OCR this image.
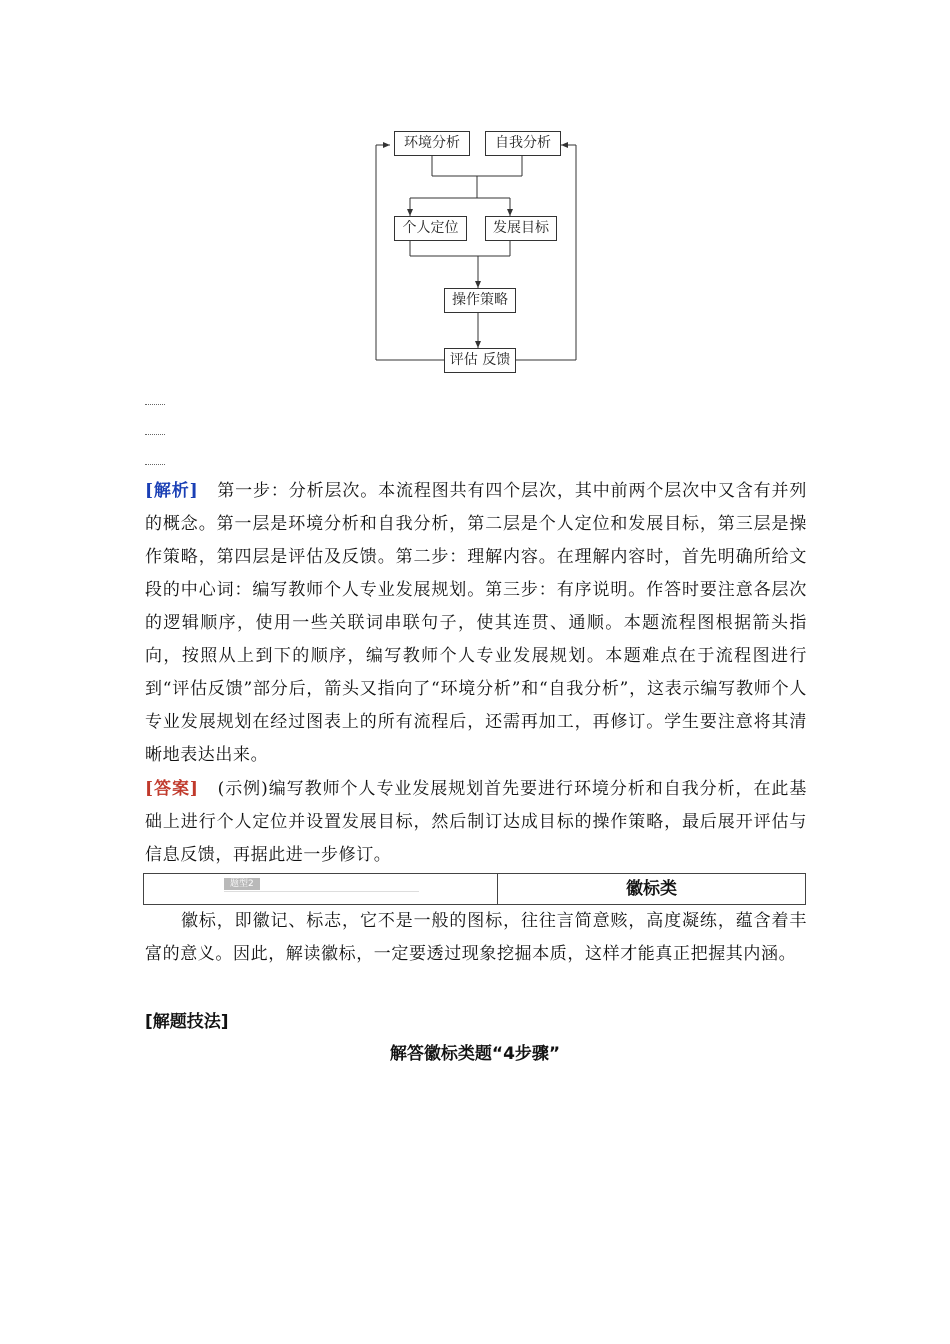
环境分析	自我分析
个人定位	发展目标
操作策略
评估 反馈
[解析] 第一步：分析层次。本流程图共有四个层次，其中前两个层次中又含有并列的概念。第一层是环境分析和自我分析，第二层是个人定位和发展目标，第三层是操作策略，第四层是评估及反馈。第二步：理解内容。在理解内容时，首先明确所给文段的中心词：编写教师个人专业发展规划。第三步：有序说明。作答时要注意各层次的逻辑顺序，使用一些关联词串联句子，使其连贯、通顺。本题流程图根据箭头指向，按照从上到下的顺序，编写教师个人专业发展规划。本题难点在于流程图进行到“评估反馈”部分后，箭头又指向了“环境分析”和“自我分析”，这表示编写教师个人专业发展规划在经过图表上的所有流程后，还需再加工，再修订。学生要注意将其清晰地表达出来。
[答案] (示例)编写教师个人专业发展规划首先要进行环境分析和自我分析，在此基础上进行个人定位并设置发展目标，然后制订达成目标的操作策略，最后展开评估与信息反馈，再据此进一步修订。
题型2	徽标类
徽标，即徽记、标志，它不是一般的图标，往往言简意赅，高度凝练，蕴含着丰富的意义。因此，解读徽标，一定要透过现象挖掘本质，这样才能真正把握其内涵。
[解题技法]
解答徽标类题“4步骤”
